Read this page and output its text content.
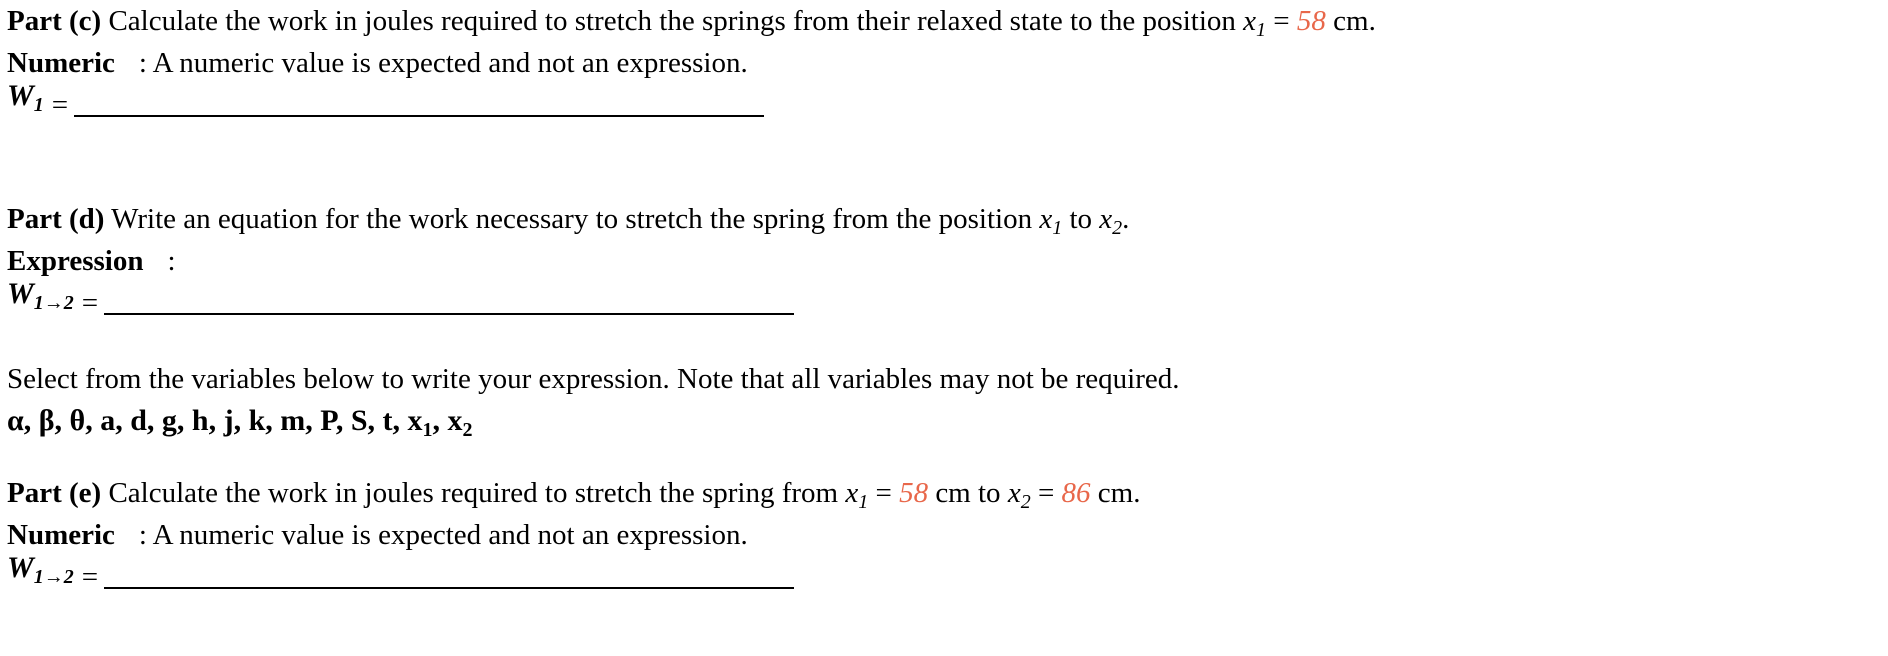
Part (c) Calculate the work in joules required to stretch the springs from their relaxed state to the position $x_1 = 58$ cm.
Numeric : A numeric value is expected and not an expression.
$W_1$ =
Part (d) Write an equation for the work necessary to stretch the spring from the position $x_1$ to $x_2$.
Expression :
$W_{1\to 2}$ =
Select from the variables below to write your expression. Note that all variables may not be required.
α, β, θ, a, d, g, h, j, k, m, P, S, t, $x_1$, $x_2$
Part (e) Calculate the work in joules required to stretch the spring from $x_1 = 58$ cm to $x_2 = 86$ cm.
Numeric : A numeric value is expected and not an expression.
$W_{1\to 2}$ =
